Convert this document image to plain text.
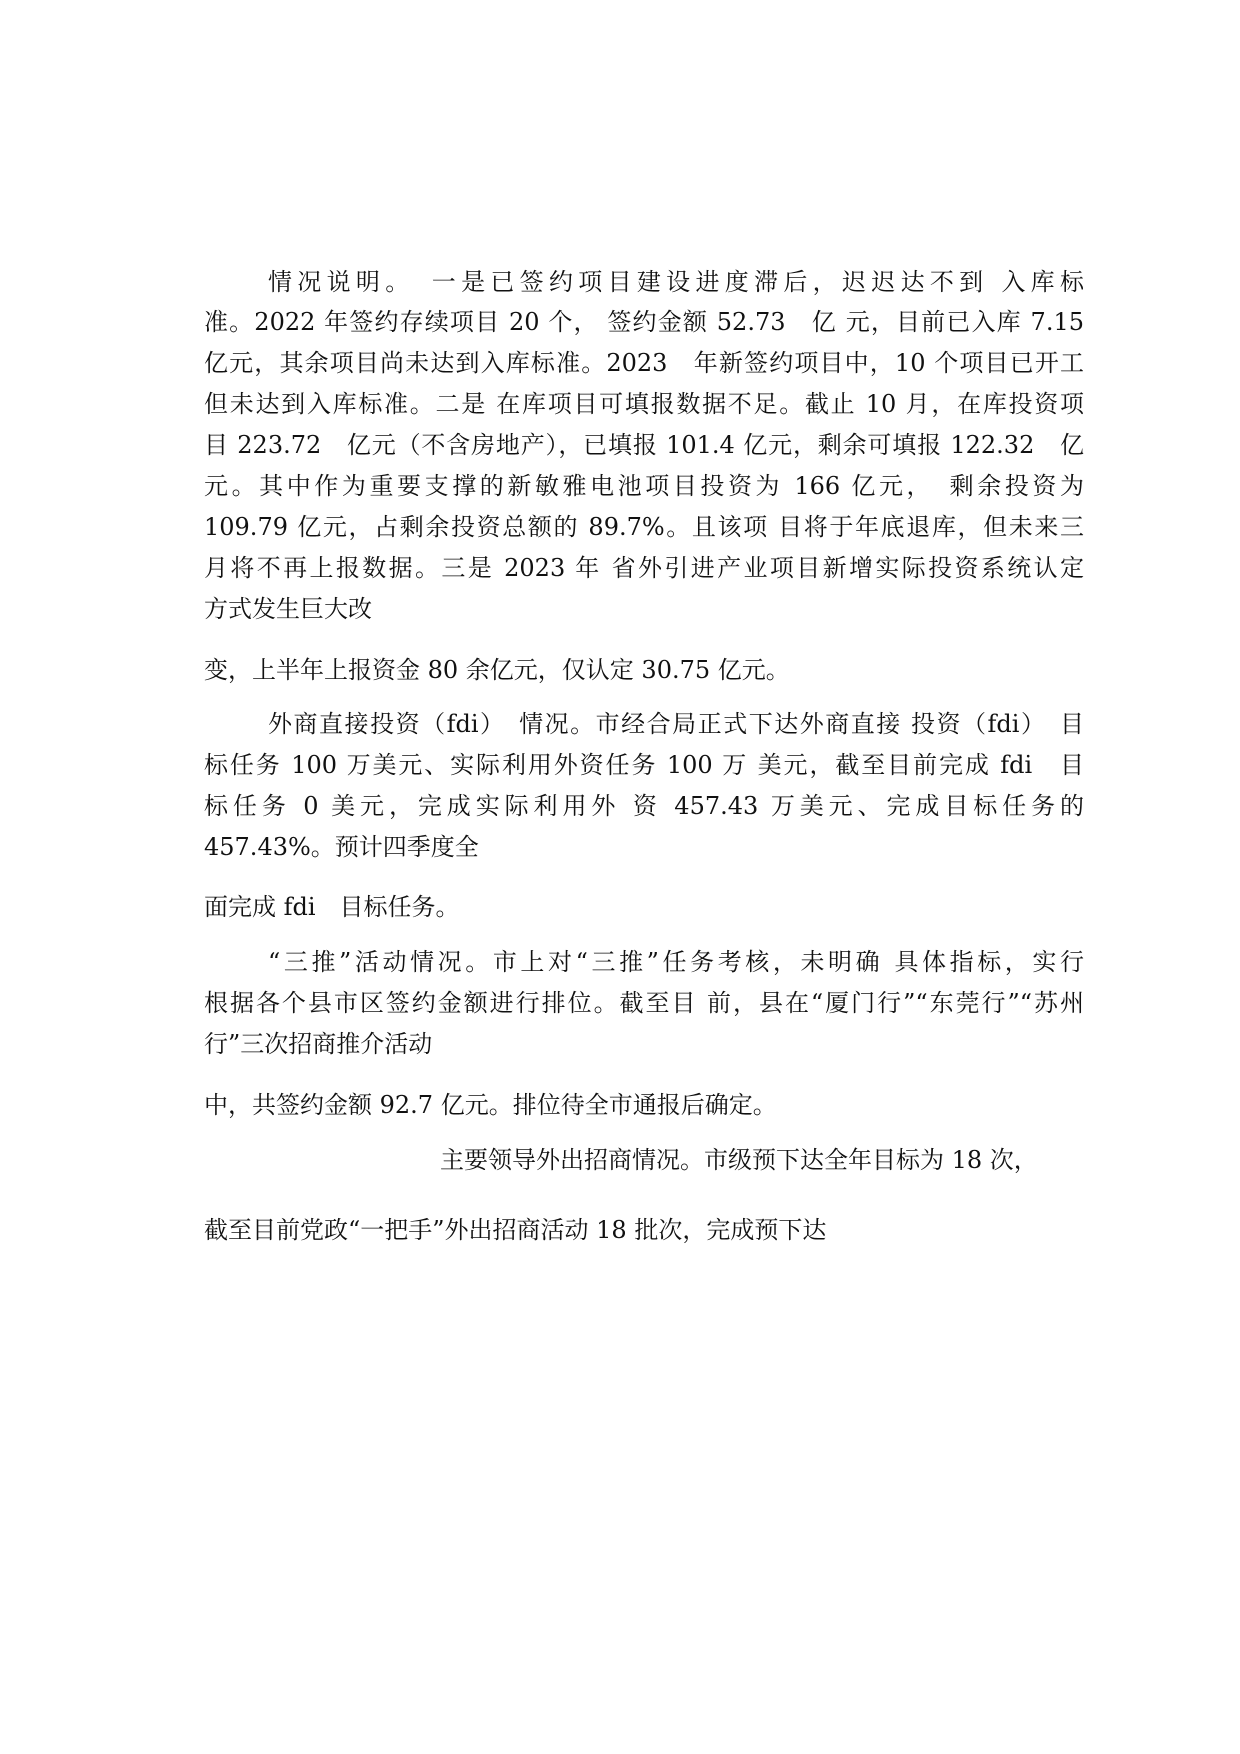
情况说明。　一是已签约项目建设进度滞后，迟迟达不到 入库标

准。2022 年签约存续项目 20 个， 签约金额 52.73　亿 元，目前已入库 7.15

亿元，其余项目尚未达到入库标准。2023　年新签约项目中，10 个项目已开工

但未达到入库标准。二是 在库项目可填报数据不足。截止 10 月，在库投资项

目 223.72　亿元（不含房地产），已填报 101.4 亿元，剩余可填报 122.32　亿

元。其中作为重要支撑的新敏雅电池项目投资为 166 亿元，　剩余投资为

109.79 亿元，占剩余投资总额的 89.7%。且该项 目将于年底退库，但未来三

月将不再上报数据。三是 2023 年 省外引进产业项目新增实际投资系统认定

方式发生巨大改

变，上半年上报资金 80 余亿元，仅认定 30.75 亿元。

外商直接投资（fdi）　情况。市经合局正式下达外商直接 投资（fdi）　目

标任务 100 万美元、实际利用外资任务 100 万 美元，截至目前完成 fdi　目

标任务 0 美元，完成实际利用外 资 457.43 万美元、完成目标任务的

457.43%。预计四季度全

面完成 fdi　目标任务。

“三推”活动情况。市上对“三推”任务考核，未明确 具体指标，实行

根据各个县市区签约金额进行排位。截至目 前，县在“厦门行”“东莞行”“苏州

行”三次招商推介活动

中，共签约金额 92.7 亿元。排位待全市通报后确定。

主要领导外出招商情况。市级预下达全年目标为 18 次，

截至目前党政“一把手”外出招商活动 18 批次，完成预下达
